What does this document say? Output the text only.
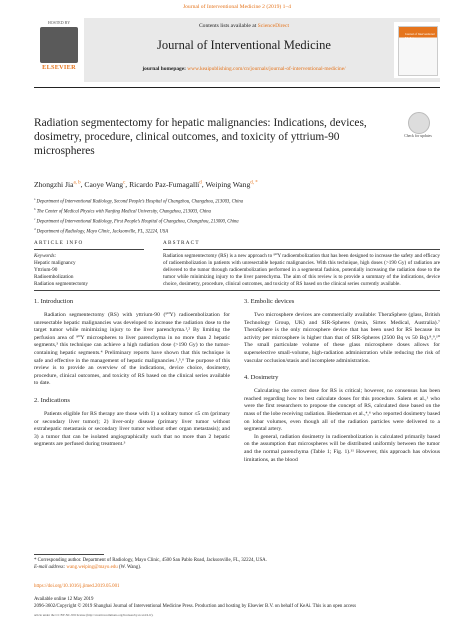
Journal of Interventional Medicine 2 (2019) 1–4
HOSTED BY
ELSEVIER
Contents lists available at ScienceDirect
Journal of Interventional Medicine
journal homepage: www.keaipublishing.com/cn/journals/journal-of-interventional-medicine/
Journal of Interventional Medicine
Radiation segmentectomy for hepatic malignancies: Indications, devices, dosimetry, procedure, clinical outcomes, and toxicity of yttrium-90 microspheres
Check for updates
Zhongzhi Jia$^{a, b}$, Caoye Wang$^c$, Ricardo Paz-Fumagalli$^d$, Weiping Wang$^{d, *}$
$^a$ Department of Interventional Radiology, Second People’s Hospital of Changzhou, Changzhou, 213003, China
$^b$ The Center of Medical Physics with Nanjing Medical University, Changzhou, 213003, China
$^c$ Department of Interventional Radiology, First People’s Hospital of Changzhou, Changzhou, 213000, China
$^d$ Department of Radiology, Mayo Clinic, Jacksonville, FL, 32224, USA
ARTICLE INFO	ABSTRACT
Keywords:
Hepatic malignancy
Yttrium-90
Radioembolization
Radiation segmentectomy
Radiation segmentectomy (RS) is a new approach to ⁹⁰Y radioembolization that has been designed to increase the safety and efficacy of radioembolization in patients with unresectable hepatic malignancies. With this technique, high doses (>190 Gy) of radiation are delivered to the tumor through radioembolization performed in a segmental fashion, potentially increasing the radiation dose to the tumor while minimizing injury to the liver parenchyma. The aim of this review is to provide a summary of the indications, device choice, dosimetry, procedure, clinical outcomes, and toxicity of RS based on the clinical series currently available.
1. Introduction

Radiation segmentectomy (RS) with yttrium-90 (⁹⁰Y) radioembolization for unresectable hepatic malignancies was developed to increase the radiation dose to the target tumor while minimizing injury to the liver parenchyma.¹,² By limiting the perfusion area of ⁹⁰Y microspheres to liver parenchyma in no more than 2 hepatic segments,³ this technique can achieve a high radiation dose (>190 Gy) to the tumor-containing hepatic segments.⁴ Preliminary reports have shown that this technique is safe and effective in the management of hepatic malignancies.¹,⁵,⁶ The purpose of this review is to provide an overview of the indications, device choice, dosimetry, procedure, clinical outcomes, and toxicity of RS based on the clinical series available to date.

2. Indications

Patients eligible for RS therapy are those with 1) a solitary tumor ≤5 cm (primary or secondary liver tumor); 2) liver-only disease (primary liver tumor without extrahepatic metastasis or secondary liver tumor without other organ metastasis); and 3) a tumor that can be isolated angiographically such that no more than 2 hepatic segments are perfused during treatment.³

3. Embolic devices

Two microsphere devices are commercially available: TheraSphere (glass, British Technology Group, UK) and SIR-Spheres (resin, Sirtex Medical, Australia).⁷ TheraSphere is the only microsphere device that has been used for RS because its activity per microsphere is higher than that of SIR-Spheres (2500 Bq vs 50 Bq).⁸,⁹,¹⁰ The small particulate volume of these glass microsphere doses allows for superselective small-volume, high-radiation administration while reducing the risk of vascular occlusion/stasis and incomplete administration.

4. Dosimetry

Calculating the correct dose for RS is critical; however, no consensus has been reached regarding how to best calculate doses for this procedure. Salem et al.,¹ who were the first researchers to propose the concept of RS, calculated dose based on the mass of the lobe receiving radiation. Biederman et al.,⁴,⁶ who reported dosimetry based on lobar volumes, even though all of the radiation particles were delivered to a segmental artery.

In general, radiation dosimetry in radioembolization is calculated primarily based on the assumption that microspheres will be distributed uniformly between the tumor and the normal parenchyma (Table 1; Fig. 1).¹¹ However, this approach has obvious limitations, as the blood

* Corresponding author. Department of Radiology, Mayo Clinic, 4500 San Pablo Road, Jacksonville, FL, 32224, USA.
E-mail address: wang.weiping@mayo.edu (W. Wang).
https://doi.org/10.1016/j.jimed.2019.05.001
Available online 12 May 2019
2096-3602/Copyright © 2019 Shanghai Journal of Interventional Medicine Press. Production and hosting by Elsevier B.V. on behalf of KeAi. This is an open access
article under the CC BY-NC-ND license (http://creativecommons.org/licenses/by-nc-nd/4.0/).
